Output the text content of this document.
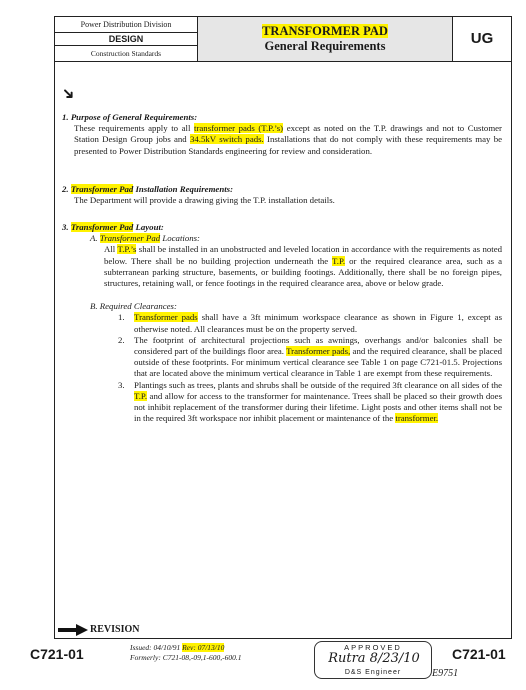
Power Distribution Division
DESIGN
Construction Standards
TRANSFORMER PAD
General Requirements	UG
➜
1. Purpose of General Requirements:
These requirements apply to all transformer pads (T.P.’s) except as noted on the T.P. drawings and not to Customer Station Design Group jobs and 34.5kV switch pads. Installations that do not comply with these requirements may be presented to Power Distribution Standards engineering for review and consideration.
2. Transformer Pad Installation Requirements:
The Department will provide a drawing giving the T.P. installation details.
3. Transformer Pad Layout:
A. Transformer Pad Locations:
All T.P.’s shall be installed in an unobstructed and leveled location in accordance with the requirements as noted below. There shall be no building projection underneath the T.P. or the required clearance area, such as a subterranean parking structure, basements, or building footings. Additionally, there shall be no foreign pipes, structures, retaining wall, or fence footings in the required clearance area, above or below grade.
B. Required Clearances:
1.	Transformer pads shall have a 3ft minimum workspace clearance as shown in Figure 1, except as otherwise noted. All clearances must be on the property served.
2.	The footprint of architectural projections such as awnings, overhangs and/or balconies shall be considered part of the buildings floor area. Transformer pads, and the required clearance, shall be placed outside of these footprints. For minimum vertical clearance see Table 1 on page C721-01.5. Projections that are located above the minimum vertical clearance in Table 1 are exempt from these requirements.
3.	Plantings such as trees, plants and shrubs shall be outside of the required 3ft clearance on all sides of the T.P. and allow for access to the transformer for maintenance. Trees shall be placed so their growth does not inhibit replacement of the transformer during their lifetime. Light posts and other items shall not be in the required 3ft workspace nor inhibit placement or maintenance of the transformer.
REVISION
C721-01	Issued: 04/10/91 Rev: 07/13/10
Formerly: C721-08,-09,1-600,-600.1
APPROVED
Rutra 8/23/10
D&S Engineer	E9751
C721-01
